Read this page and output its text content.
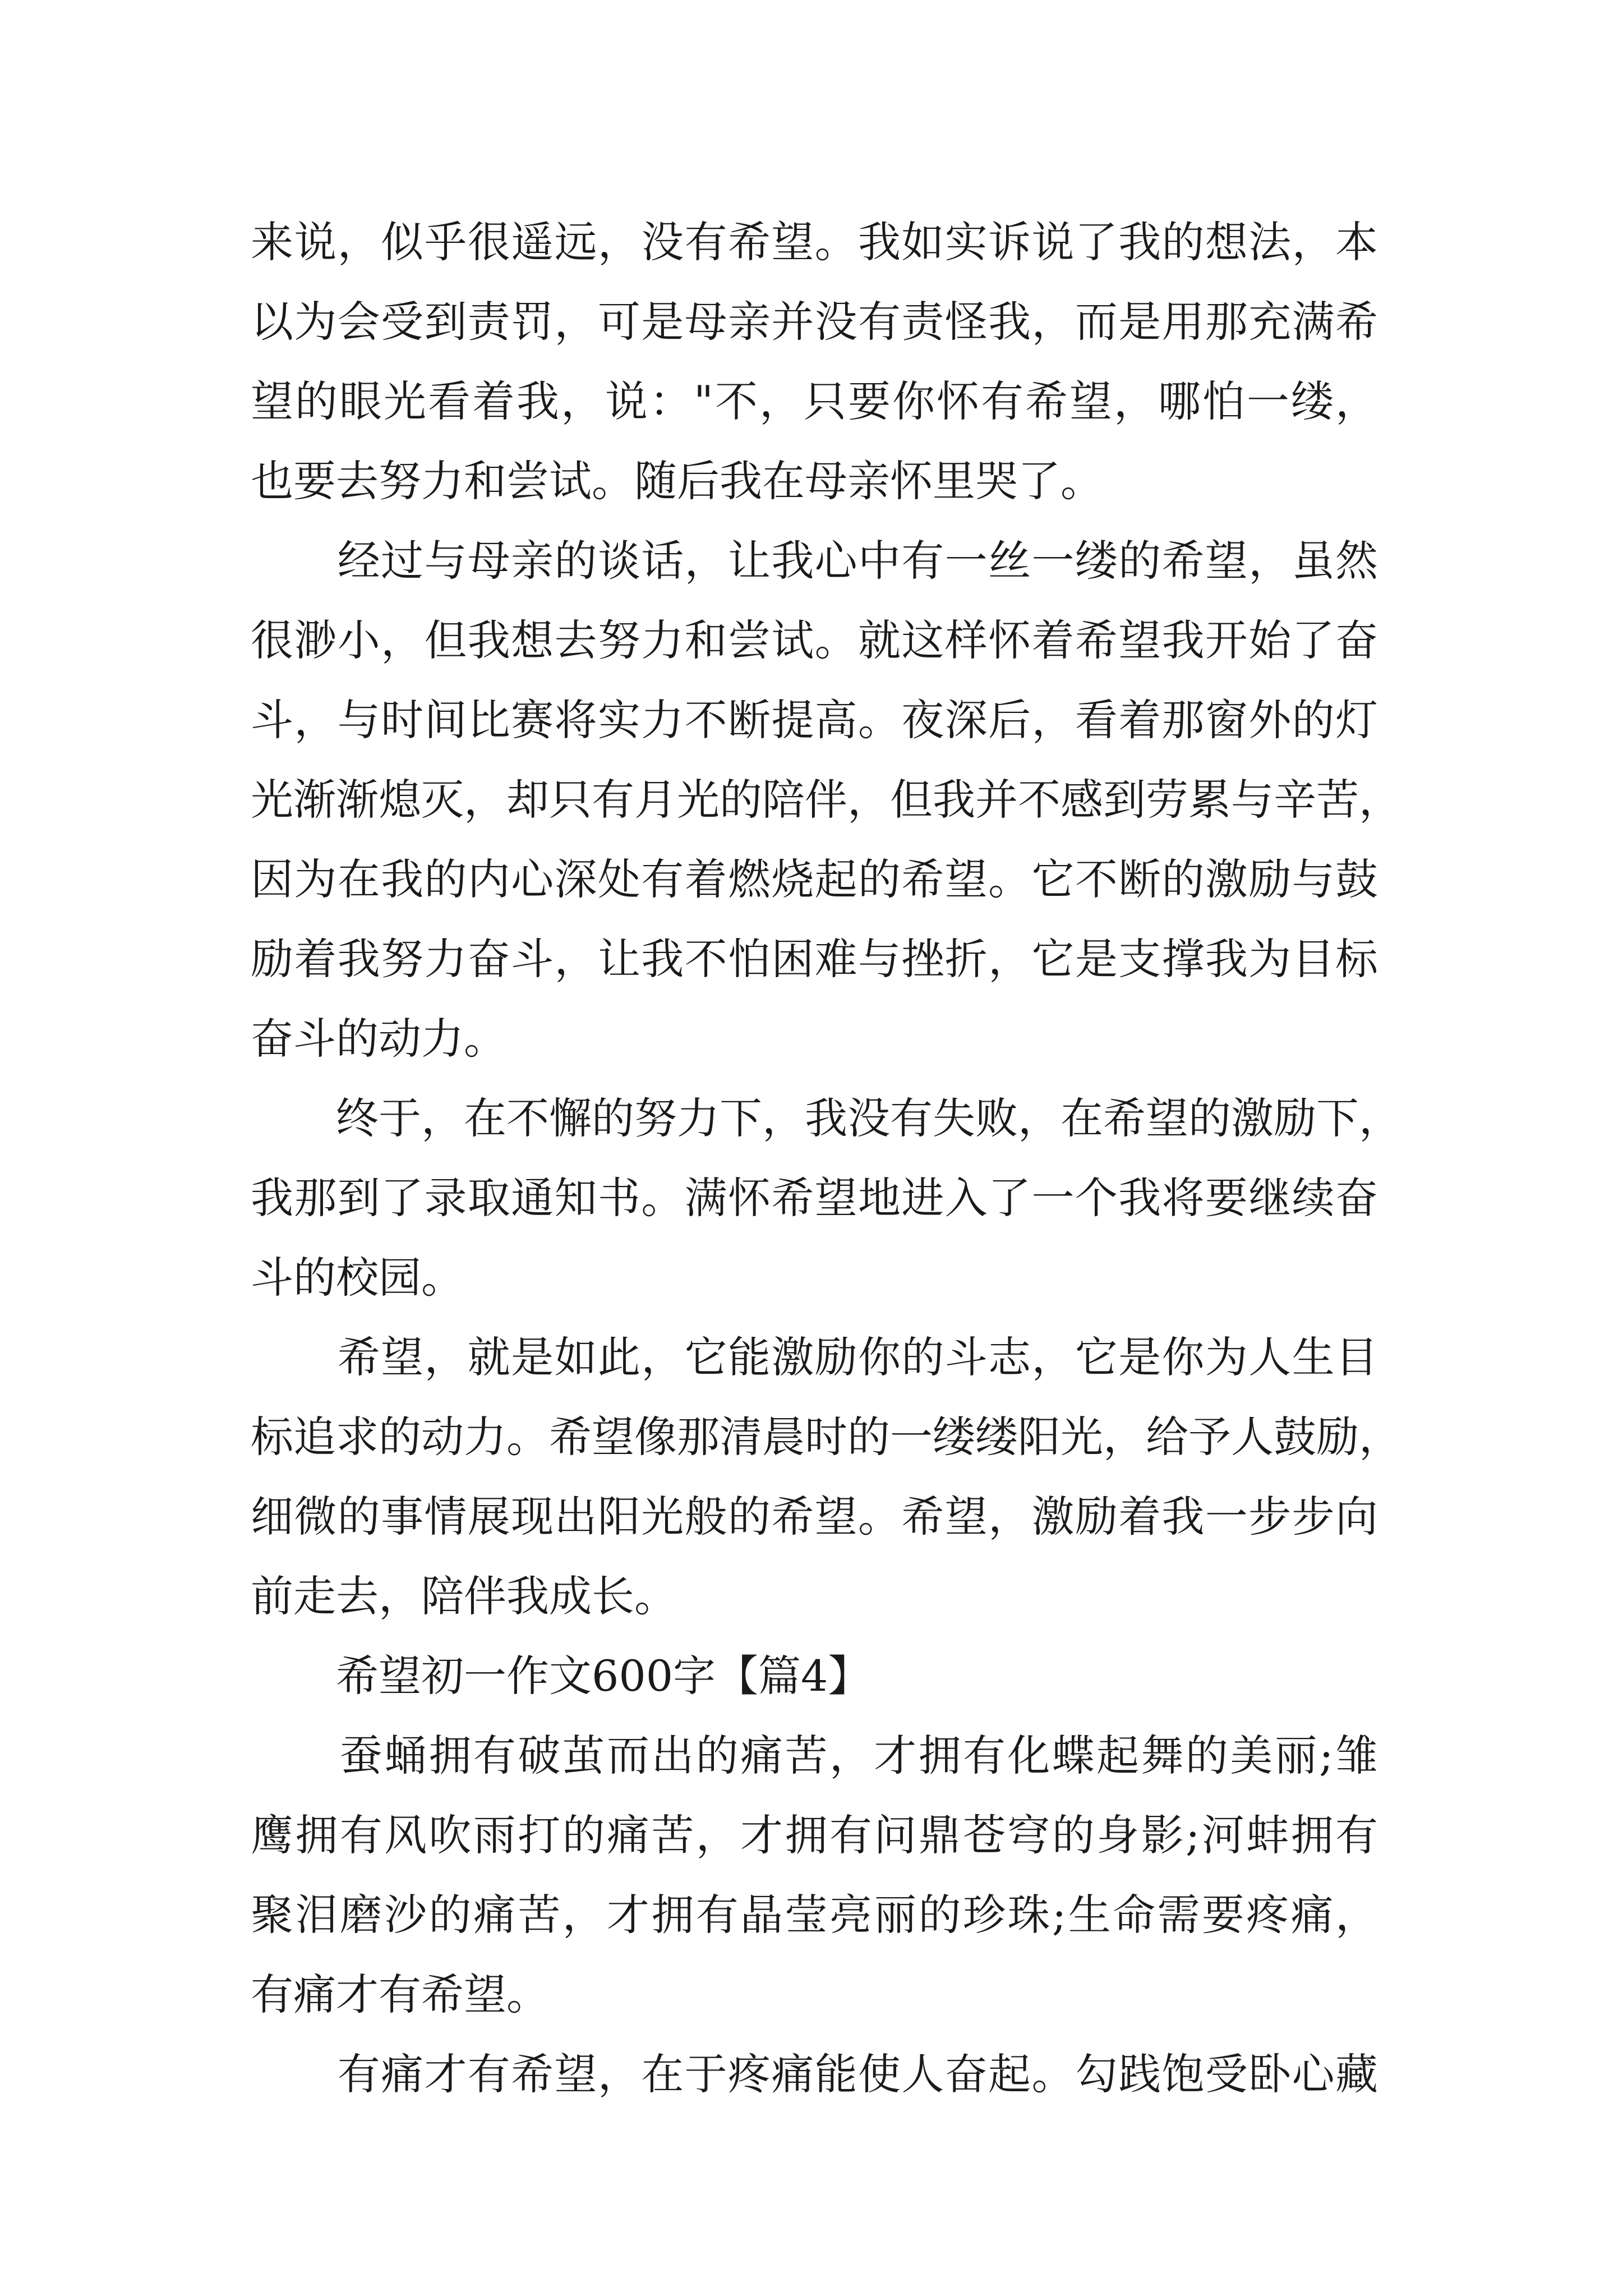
来说，似乎很遥远，没有希望。我如实诉说了我的想法，本
以为会受到责罚，可是母亲并没有责怪我，而是用那充满希
望的眼光看着我，说："不，只要你怀有希望，哪怕一缕，
也要去努力和尝试。随后我在母亲怀里哭了。
　　经过与母亲的谈话，让我心中有一丝一缕的希望，虽然
很渺小，但我想去努力和尝试。就这样怀着希望我开始了奋
斗，与时间比赛将实力不断提高。夜深后，看着那窗外的灯
光渐渐熄灭，却只有月光的陪伴，但我并不感到劳累与辛苦，
因为在我的内心深处有着燃烧起的希望。它不断的激励与鼓
励着我努力奋斗，让我不怕困难与挫折，它是支撑我为目标
奋斗的动力。
　　终于，在不懈的努力下，我没有失败，在希望的激励下，
我那到了录取通知书。满怀希望地进入了一个我将要继续奋
斗的校园。
　　希望，就是如此，它能激励你的斗志，它是你为人生目
标追求的动力。希望像那清晨时的一缕缕阳光，给予人鼓励，
细微的事情展现出阳光般的希望。希望，激励着我一步步向
前走去，陪伴我成长。
　　希望初一作文600字【篇4】
　　蚕蛹拥有破茧而出的痛苦，才拥有化蝶起舞的美丽;雏
鹰拥有风吹雨打的痛苦，才拥有问鼎苍穹的身影;河蚌拥有
聚泪磨沙的痛苦，才拥有晶莹亮丽的珍珠;生命需要疼痛，
有痛才有希望。
　　有痛才有希望，在于疼痛能使人奋起。勾践饱受卧心藏
